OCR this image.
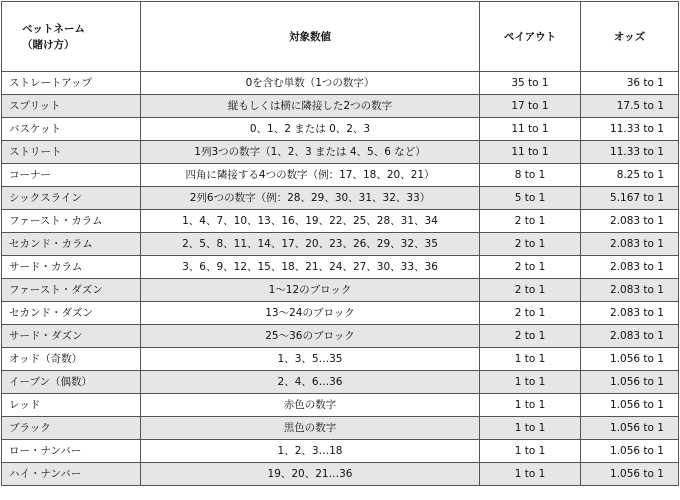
ベットネーム
（賭け方）	対象数値	ペイアウト	オッズ
ストレートアップ	0を含む単数（1つの数字）	35 to 1	36 to 1
スプリット	縦もしくは横に隣接した2つの数字	17 to 1	17.5 to 1
バスケット	0、1、2 または 0、2、3	11 to 1	11.33 to 1
ストリート	1列3つの数字（1、2、3 または 4、5、6 など）	11 to 1	11.33 to 1
コーナー	四角に隣接する4つの数字（例：17、18、20、21）	8 to 1	8.25 to 1
シックスライン	2列6つの数字（例：28、29、30、31、32、33）	5 to 1	5.167 to 1
ファースト・カラム	1、4、7、10、13、16、19、22、25、28、31、34	2 to 1	2.083 to 1
セカンド・カラム	2、5、8、11、14、17、20、23、26、29、32、35	2 to 1	2.083 to 1
サード・カラム	3、6、9、12、15、18、21、24、27、30、33、36	2 to 1	2.083 to 1
ファースト・ダズン	1～12のブロック	2 to 1	2.083 to 1
セカンド・ダズン	13～24のブロック	2 to 1	2.083 to 1
サード・ダズン	25～36のブロック	2 to 1	2.083 to 1
オッド（奇数）	1、3、5…35	1 to 1	1.056 to 1
イーブン（偶数）	2、4、6…36	1 to 1	1.056 to 1
レッド	赤色の数字	1 to 1	1.056 to 1
ブラック	黒色の数字	1 to 1	1.056 to 1
ロー・ナンバー	1、2、3…18	1 to 1	1.056 to 1
ハイ・ナンバー	19、20、21…36	1 to 1	1.056 to 1
